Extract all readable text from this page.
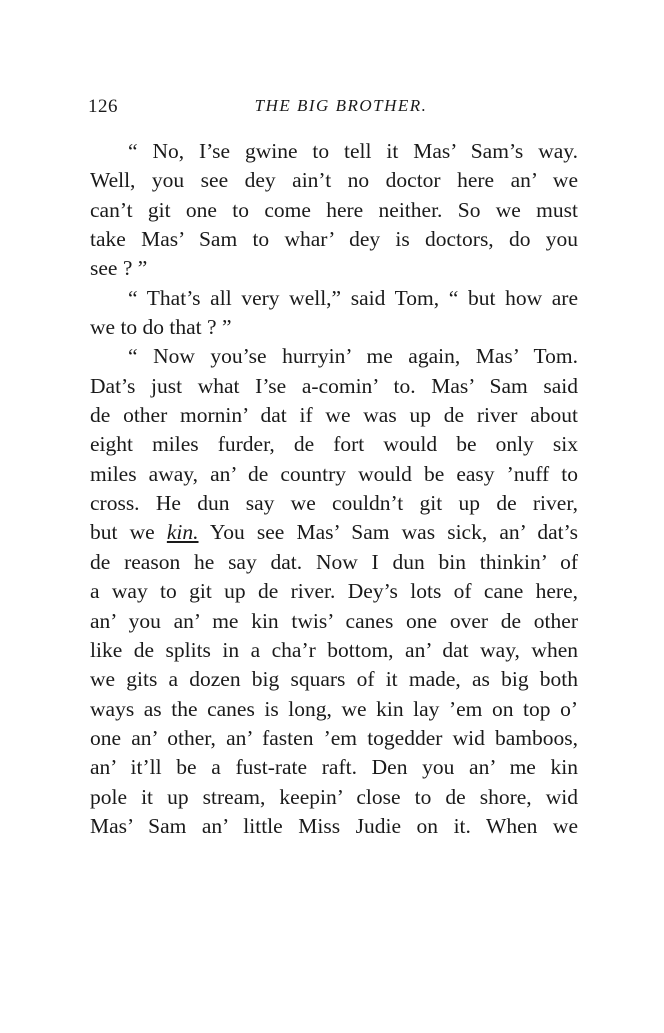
126	THE BIG BROTHER.
“ No, I’se gwine to tell it Mas’ Sam’s way.
Well, you see dey ain’t no doctor here an’ we
can’t git one to come here neither. So we must
take Mas’ Sam to whar’ dey is doctors, do you
see ? ”
“ That’s all very well,” said Tom, “ but how are
we to do that ? ”
“ Now you’se hurryin’ me again, Mas’ Tom.
Dat’s just what I’se a-comin’ to. Mas’ Sam said
de other mornin’ dat if we was up de river about
eight miles furder, de fort would be only six
miles away, an’ de country would be easy ’nuff to
cross. He dun say we couldn’t git up de river,
but we kin. You see Mas’ Sam was sick, an’ dat’s
de reason he say dat. Now I dun bin thinkin’ of
a way to git up de river. Dey’s lots of cane here,
an’ you an’ me kin twis’ canes one over de other
like de splits in a cha’r bottom, an’ dat way, when
we gits a dozen big squars of it made, as big both
ways as the canes is long, we kin lay ’em on top o’
one an’ other, an’ fasten ’em togedder wid bamboos,
an’ it’ll be a fust-rate raft. Den you an’ me kin
pole it up stream, keepin’ close to de shore, wid
Mas’ Sam an’ little Miss Judie on it. When we
